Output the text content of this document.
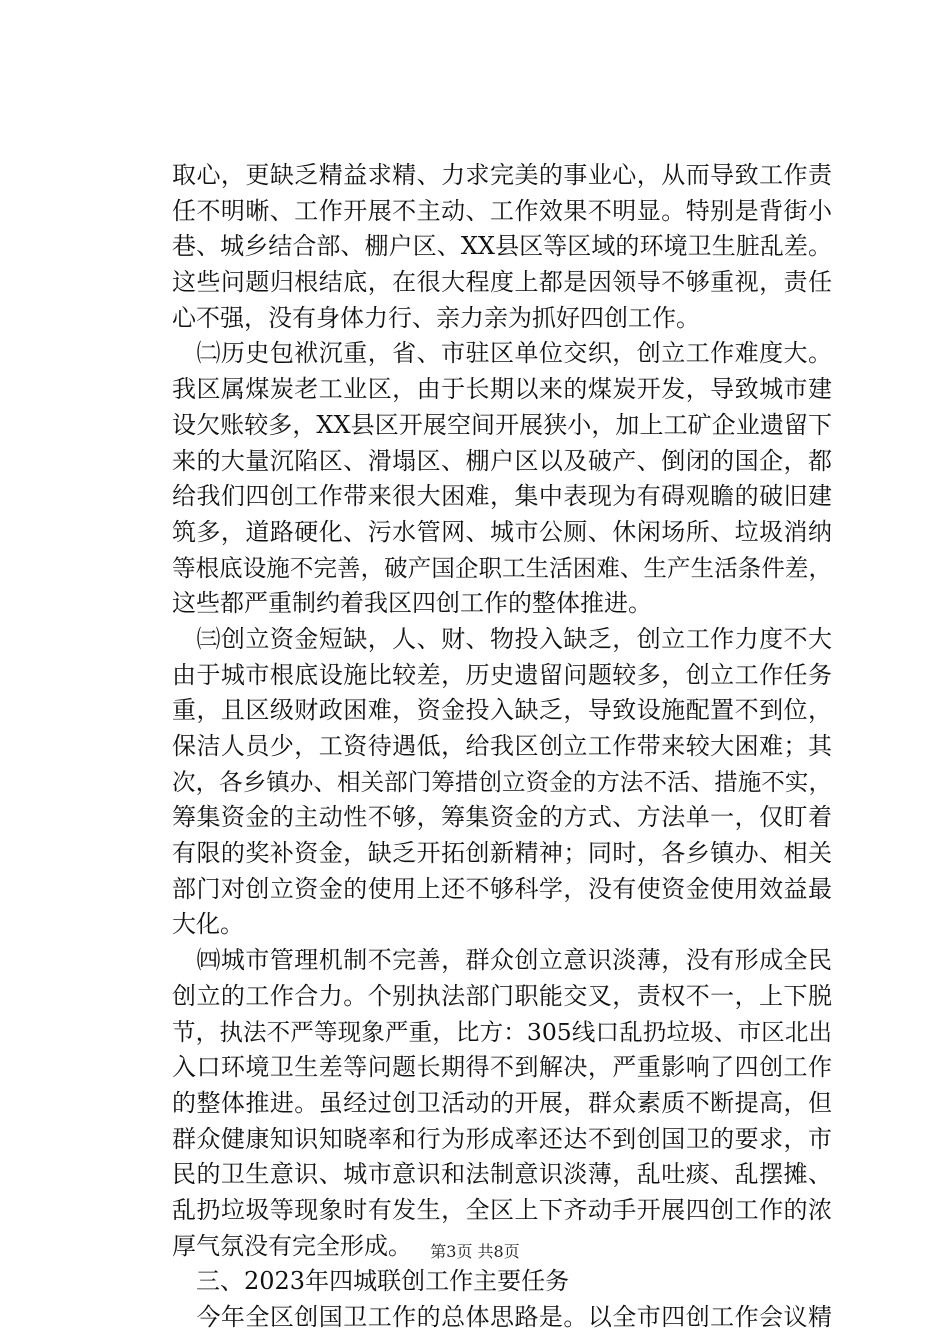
取心，更缺乏精益求精、力求完美的事业心，从而导致工作责
任不明晰、工作开展不主动、工作效果不明显。特别是背街小
巷、城乡结合部、棚户区、XX县区等区域的环境卫生脏乱差。
这些问题归根结底，在很大程度上都是因领导不够重视，责任
心不强，没有身体力行、亲力亲为抓好四创工作。
　㈡历史包袱沉重，省、市驻区单位交织，创立工作难度大。
我区属煤炭老工业区，由于长期以来的煤炭开发，导致城市建
设欠账较多，XX县区开展空间开展狭小，加上工矿企业遗留下
来的大量沉陷区、滑塌区、棚户区以及破产、倒闭的国企，都
给我们四创工作带来很大困难，集中表现为有碍观瞻的破旧建
筑多，道路硬化、污水管网、城市公厕、休闲场所、垃圾消纳
等根底设施不完善，破产国企职工生活困难、生产生活条件差，
这些都严重制约着我区四创工作的整体推进。
　㈢创立资金短缺，人、财、物投入缺乏，创立工作力度不大
由于城市根底设施比较差，历史遗留问题较多，创立工作任务
重，且区级财政困难，资金投入缺乏，导致设施配置不到位，
保洁人员少，工资待遇低，给我区创立工作带来较大困难；其
次，各乡镇办、相关部门筹措创立资金的方法不活、措施不实，
筹集资金的主动性不够，筹集资金的方式、方法单一，仅盯着
有限的奖补资金，缺乏开拓创新精神；同时，各乡镇办、相关
部门对创立资金的使用上还不够科学，没有使资金使用效益最
大化。
　㈣城市管理机制不完善，群众创立意识淡薄，没有形成全民
创立的工作合力。个别执法部门职能交叉，责权不一，上下脱
节，执法不严等现象严重，比方：305线口乱扔垃圾、市区北出
入口环境卫生差等问题长期得不到解决，严重影响了四创工作
的整体推进。虽经过创卫活动的开展，群众素质不断提高，但
群众健康知识知晓率和行为形成率还达不到创国卫的要求，市
民的卫生意识、城市意识和法制意识淡薄，乱吐痰、乱摆摊、
乱扔垃圾等现象时有发生，全区上下齐动手开展四创工作的浓
厚气氛没有完全形成。
　三、2023年四城联创工作主要任务
　今年全区创国卫工作的总体思路是。以全市四创工作会议精
第3页 共8页
